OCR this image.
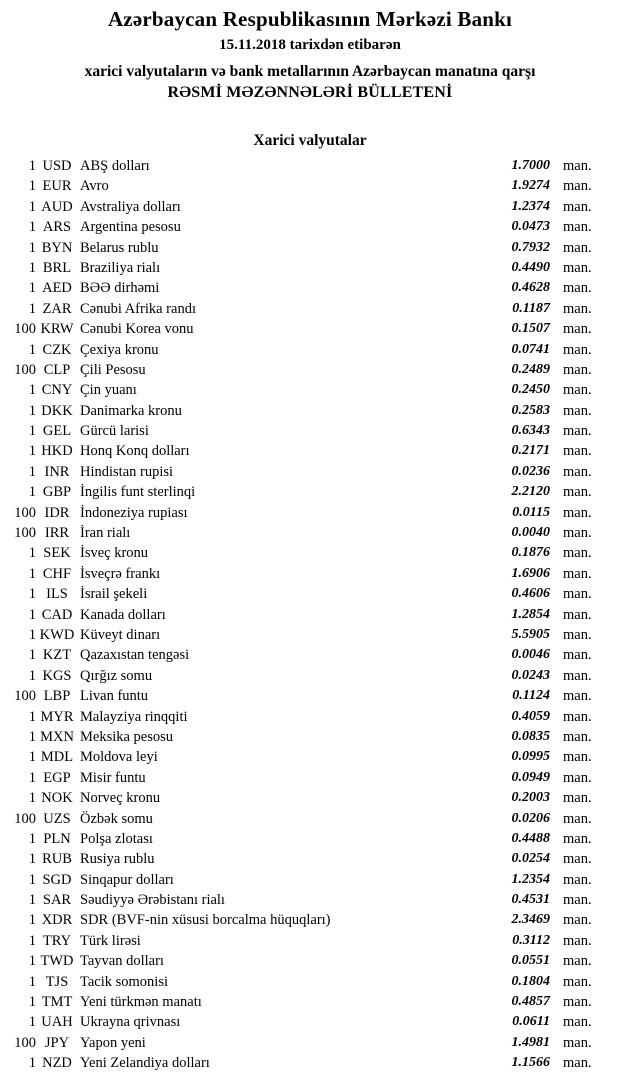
Azərbaycan Respublikasının Mərkəzi Bankı
15.11.2018 tarixdən etibarən
xarici valyutaların və bank metallarının Azərbaycan manatına qarşı
RƏSMİ MƏZƏNNƏLƏRİ BÜLLETENİ
Xarici valyutalar
1 USD ABŞ dolları	1.7000 man.
1 EUR Avro	1.9274 man.
1 AUD Avstraliya dolları	1.2374 man.
1 ARS Argentina pesosu	0.0473 man.
1 BYN Belarus rublu	0.7932 man.
1 BRL Braziliya rialı	0.4490 man.
1 AED BƏƏ dirhəmi	0.4628 man.
1 ZAR Cənubi Afrika randı	0.1187 man.
100 KRW Cənubi Korea vonu	0.1507 man.
1 CZK Çexiya kronu	0.0741 man.
100 CLP Çili Pesosu	0.2489 man.
1 CNY Çin yuanı	0.2450 man.
1 DKK Danimarka kronu	0.2583 man.
1 GEL Gürcü larisi	0.6343 man.
1 HKD Honq Konq dolları	0.2171 man.
1 INR Hindistan rupisi	0.0236 man.
1 GBP İngilis funt sterlinqi	2.2120 man.
100 IDR İndoneziya rupiası	0.0115 man.
100 IRR İran rialı	0.0040 man.
1 SEK İsveç kronu	0.1876 man.
1 CHF İsveçrə frankı	1.6906 man.
1 ILS İsrail şekeli	0.4606 man.
1 CAD Kanada dolları	1.2854 man.
1 KWD Küveyt dinarı	5.5905 man.
1 KZT Qazaxıstan tengəsi	0.0046 man.
1 KGS Qırğız somu	0.0243 man.
100 LBP Livan funtu	0.1124 man.
1 MYR Malayziya rinqqiti	0.4059 man.
1 MXN Meksika pesosu	0.0835 man.
1 MDL Moldova leyi	0.0995 man.
1 EGP Misir funtu	0.0949 man.
1 NOK Norveç kronu	0.2003 man.
100 UZS Özbək somu	0.0206 man.
1 PLN Polşa zlotası	0.4488 man.
1 RUB Rusiya rublu	0.0254 man.
1 SGD Sinqapur dolları	1.2354 man.
1 SAR Səudiyyə Ərəbistanı rialı	0.4531 man.
1 XDR SDR (BVF-nin xüsusi borcalma hüquqları)	2.3469 man.
1 TRY Türk lirəsi	0.3112 man.
1 TWD Tayvan dolları	0.0551 man.
1 TJS Tacik somonisi	0.1804 man.
1 TMT Yeni türkmən manatı	0.4857 man.
1 UAH Ukrayna qrivnası	0.0611 man.
100 JPY Yapon yeni	1.4981 man.
1 NZD Yeni Zelandiya dolları	1.1566 man.
